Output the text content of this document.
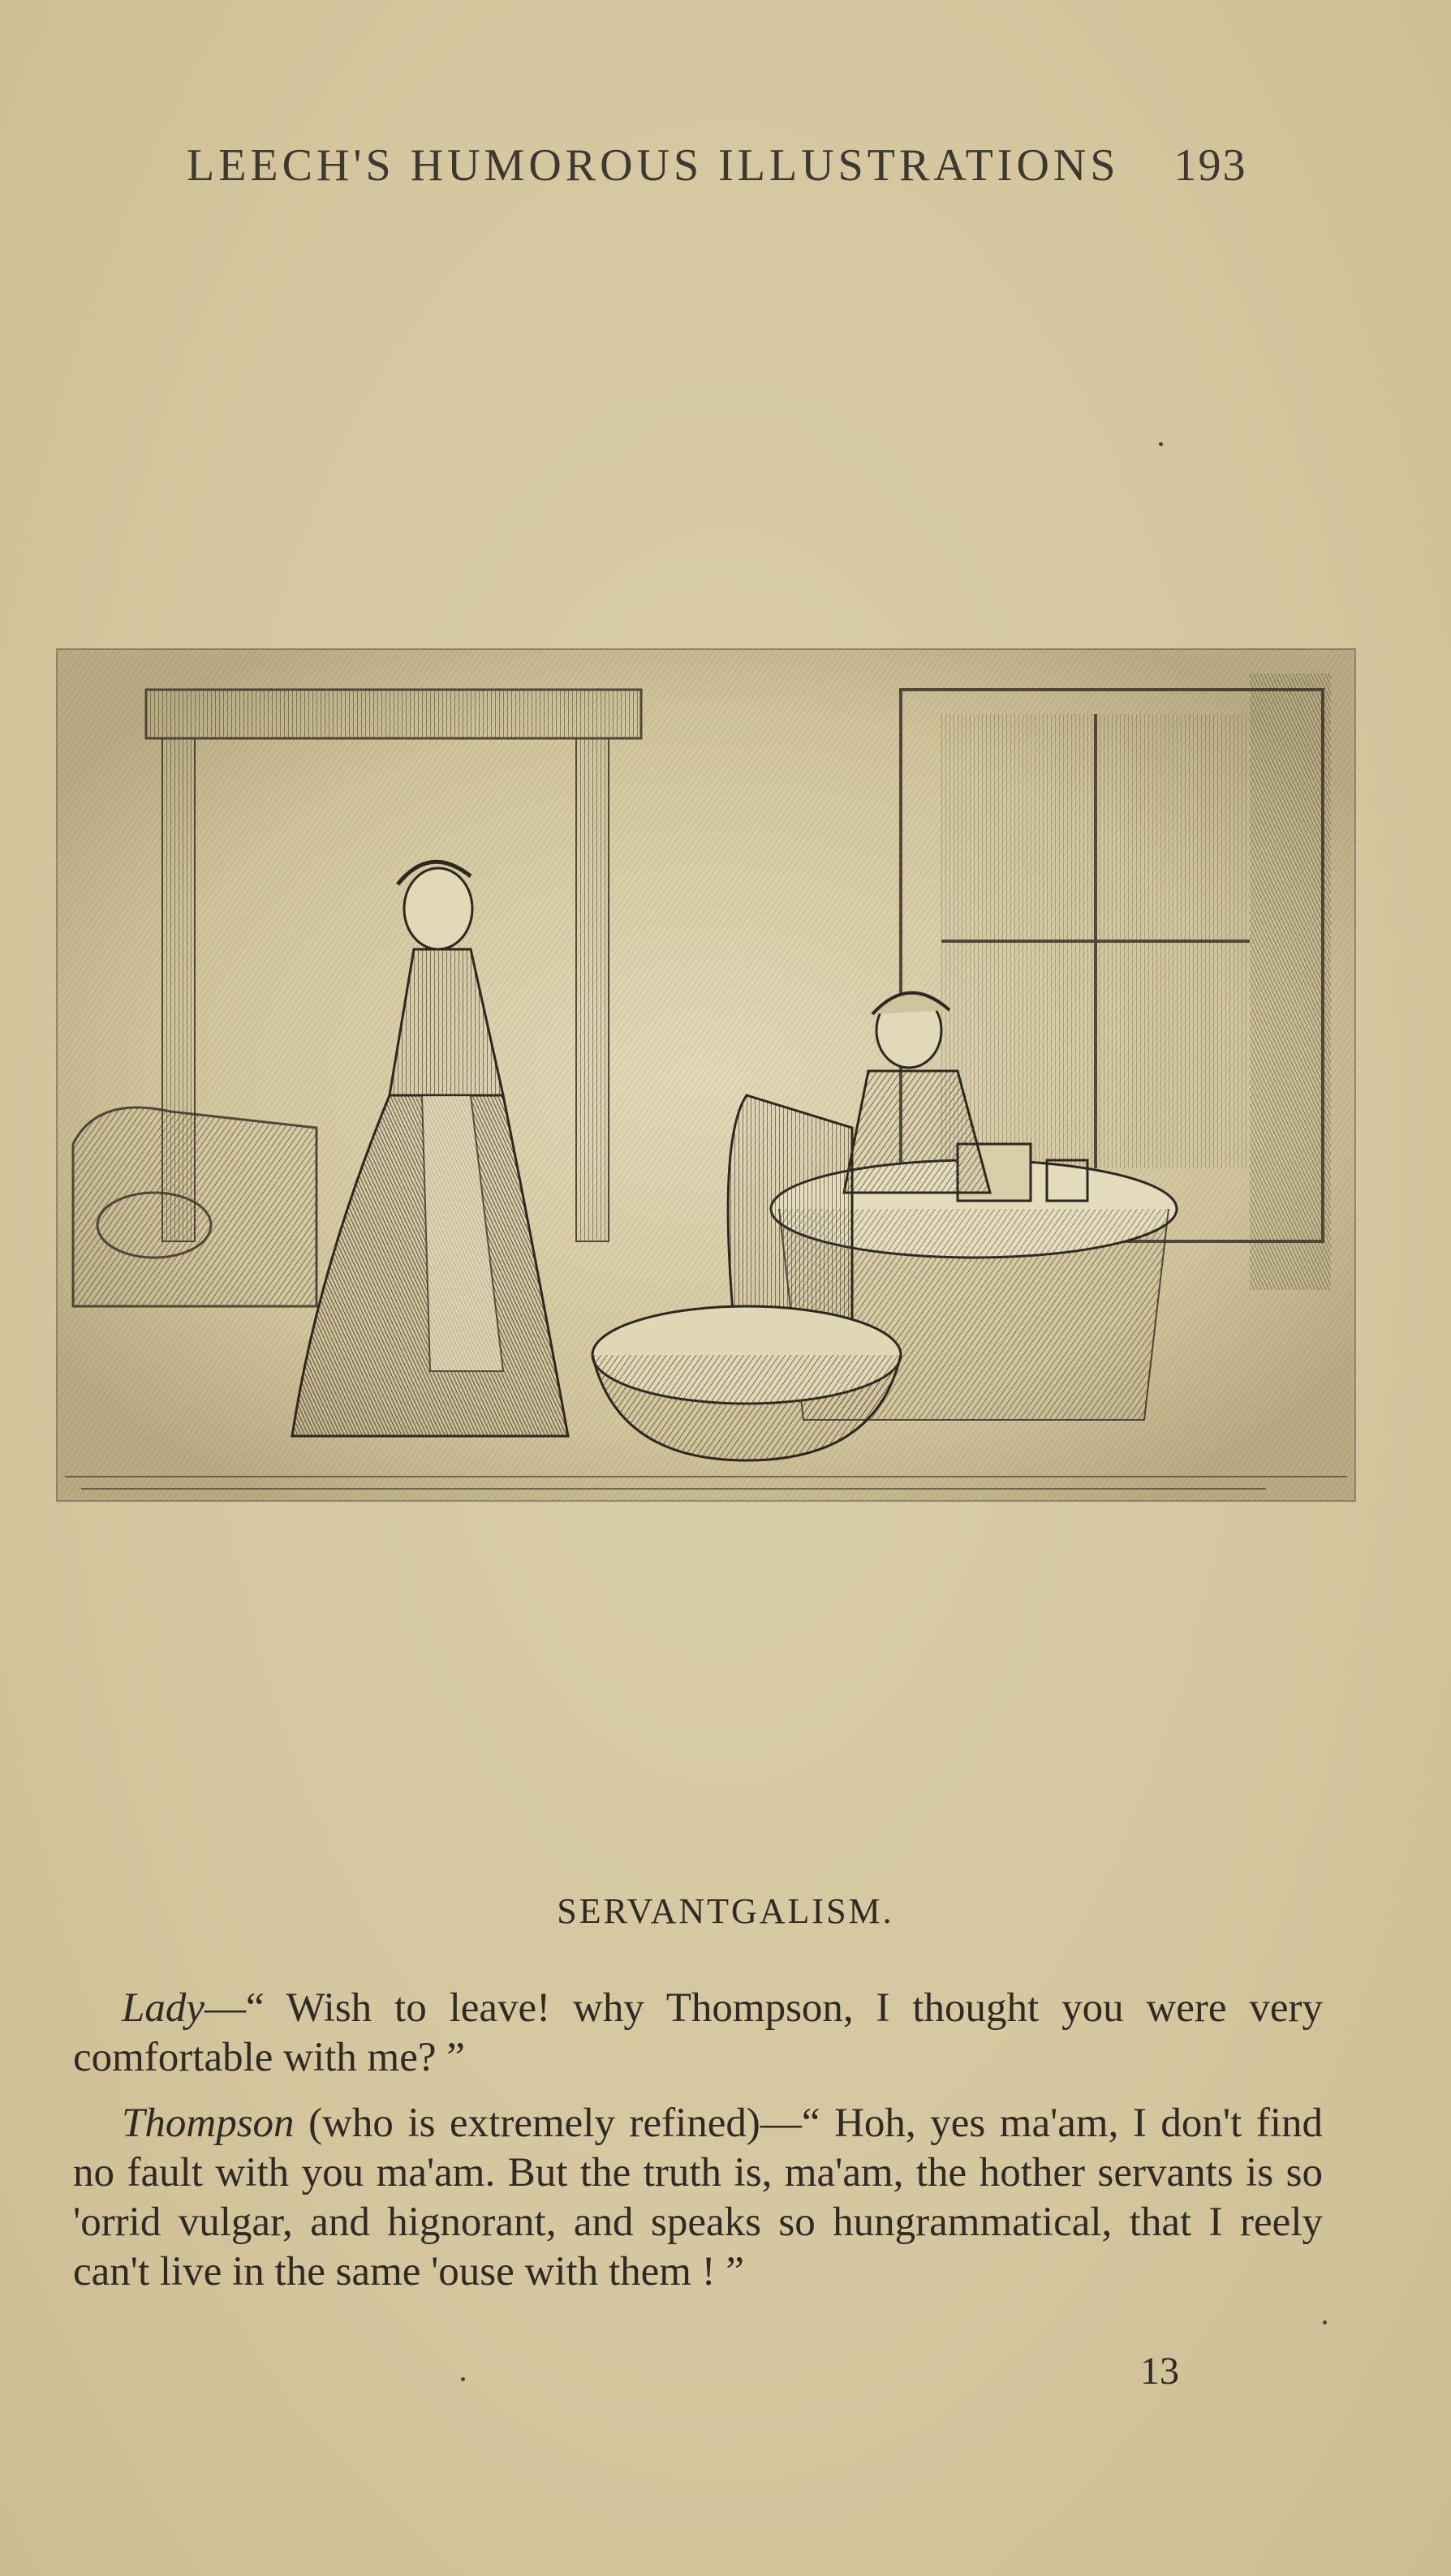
LEECH'S HUMOROUS ILLUSTRATIONS 193
SERVANTGALISM.

Lady—“ Wish to leave! why Thompson, I thought you were very comfortable with me? ”

Thompson (who is extremely refined)—“ Hoh, yes ma'am, I don't find no fault with you ma'am. But the truth is, ma'am, the hother servants is so 'orrid vulgar, and hignorant, and speaks so hungrammatical, that I reely can't live in the same 'ouse with them ! ”

13
